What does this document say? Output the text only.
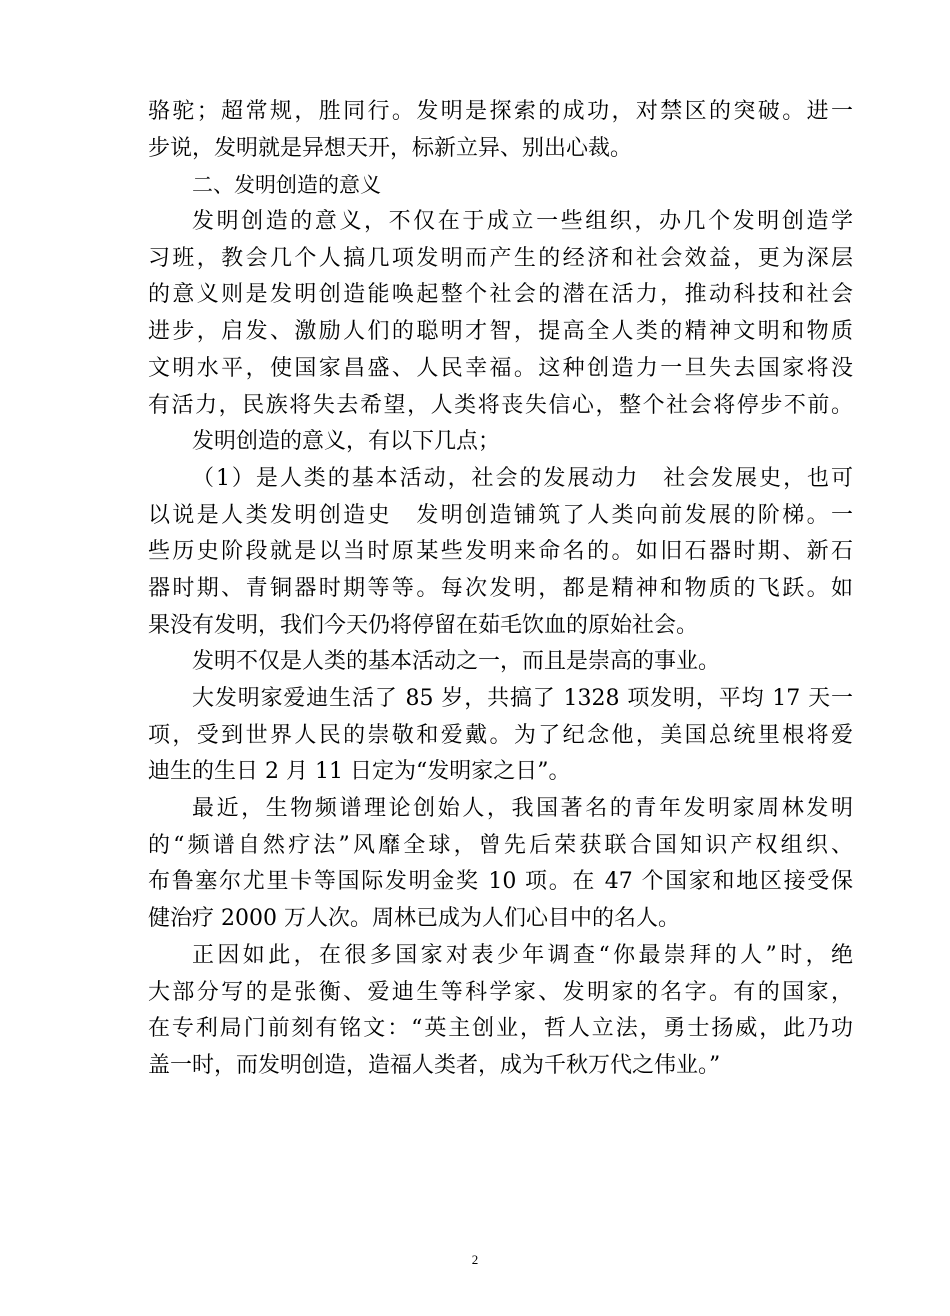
骆驼；超常规，胜同行。发明是探索的成功，对禁区的突破。进一
步说，发明就是异想天开，标新立异、别出心裁。
二、发明创造的意义
发明创造的意义，不仅在于成立一些组织，办几个发明创造学
习班，教会几个人搞几项发明而产生的经济和社会效益，更为深层
的意义则是发明创造能唤起整个社会的潜在活力，推动科技和社会
进步，启发、激励人们的聪明才智，提高全人类的精神文明和物质
文明水平，使国家昌盛、人民幸福。这种创造力一旦失去国家将没
有活力，民族将失去希望，人类将丧失信心，整个社会将停步不前。
发明创造的意义，有以下几点；
（1）是人类的基本活动，社会的发展动力　社会发展史，也可
以说是人类发明创造史　发明创造铺筑了人类向前发展的阶梯。一
些历史阶段就是以当时原某些发明来命名的。如旧石器时期、新石
器时期、青铜器时期等等。每次发明，都是精神和物质的飞跃。如
果没有发明，我们今天仍将停留在茹毛饮血的原始社会。
发明不仅是人类的基本活动之一，而且是崇高的事业。
大发明家爱迪生活了 85 岁，共搞了 1328 项发明，平均 17 天一
项，受到世界人民的崇敬和爱戴。为了纪念他，美国总统里根将爱
迪生的生日 2 月 11 日定为“发明家之日”。
最近，生物频谱理论创始人，我国著名的青年发明家周林发明
的“频谱自然疗法”风靡全球，曾先后荣获联合国知识产权组织、
布鲁塞尔尤里卡等国际发明金奖 10 项。在 47 个国家和地区接受保
健治疗 2000 万人次。周林已成为人们心目中的名人。
正因如此，在很多国家对表少年调查“你最崇拜的人”时，绝
大部分写的是张衡、爱迪生等科学家、发明家的名字。有的国家，
在专利局门前刻有铭文：“英主创业，哲人立法，勇士扬威，此乃功
盖一时，而发明创造，造福人类者，成为千秋万代之伟业。”
2
